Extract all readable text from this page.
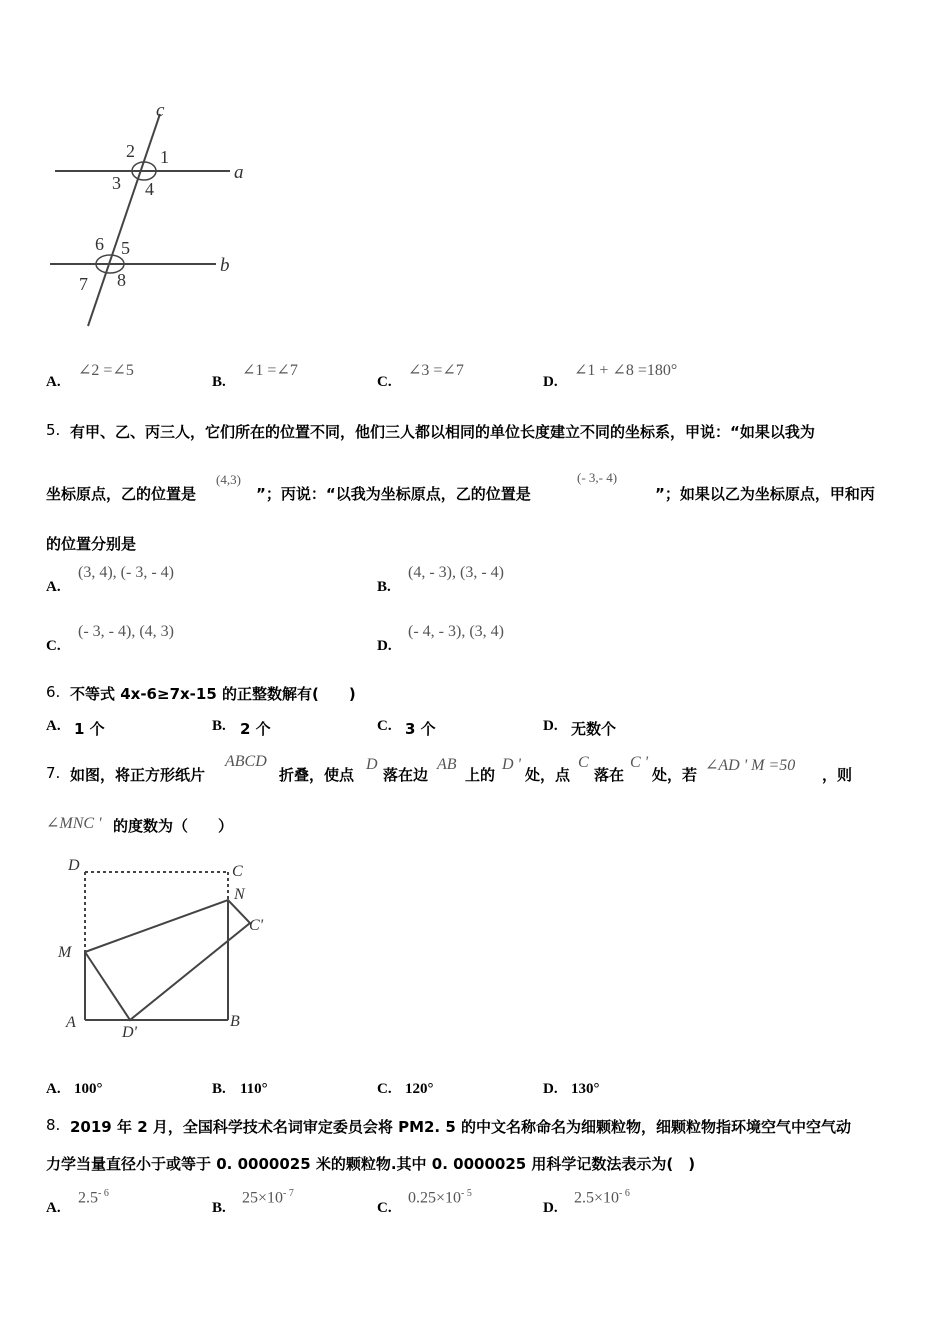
c
a
b
1
2
3 4
5
6
7 8
A.
∠2 =∠5
B.
∠1 =∠7
C.
∠3 =∠7
D.
∠1 + ∠8 =180°
5. 有甲、乙、丙三人，它们所在的位置不同，他们三人都以相同的单位长度建立不同的坐标系，甲说：“如果以我为
坐标原点，乙的位置是
(4,3)
”；丙说：“以我为坐标原点，乙的位置是
(- 3,- 4)
”；如果以乙为坐标原点，甲和丙
的位置分别是
A.
(3, 4), (- 3, - 4)
B.
(4, - 3), (3, - 4)
C.
(- 3, - 4), (4, 3)
D.
(- 4, - 3), (3, 4)
6. 不等式 4x-6≥7x-15 的正整数解有(　　)
A. 1 个	B. 2 个	C. 3 个	D. 无数个
7. 如图，将正方形纸片
ABCD
折叠，使点
D
落在边
AB
上的
D '
处，点
C
落在
C '
处，若
∠AD ' M =50
，则
∠MNC ' 的度数为（　　）
D	C
N
C'
M
A
D'
B
A. 100°	B. 110°	C. 120°	D. 130°
8. 2019 年 2 月，全国科学技术名词审定委员会将 PM2. 5 的中文名称命名为细颗粒物，细颗粒物指环境空气中空气动
力学当量直径小于或等于 0. 0000025 米的颗粒物.其中 0. 0000025 用科学记数法表示为(　)
A.
$2.5^{- 6}$
B.
$25\times 10^{- 7}$
C.
$0.25\times 10^{- 5}$
D.
$2.5\times 10^{- 6}$
